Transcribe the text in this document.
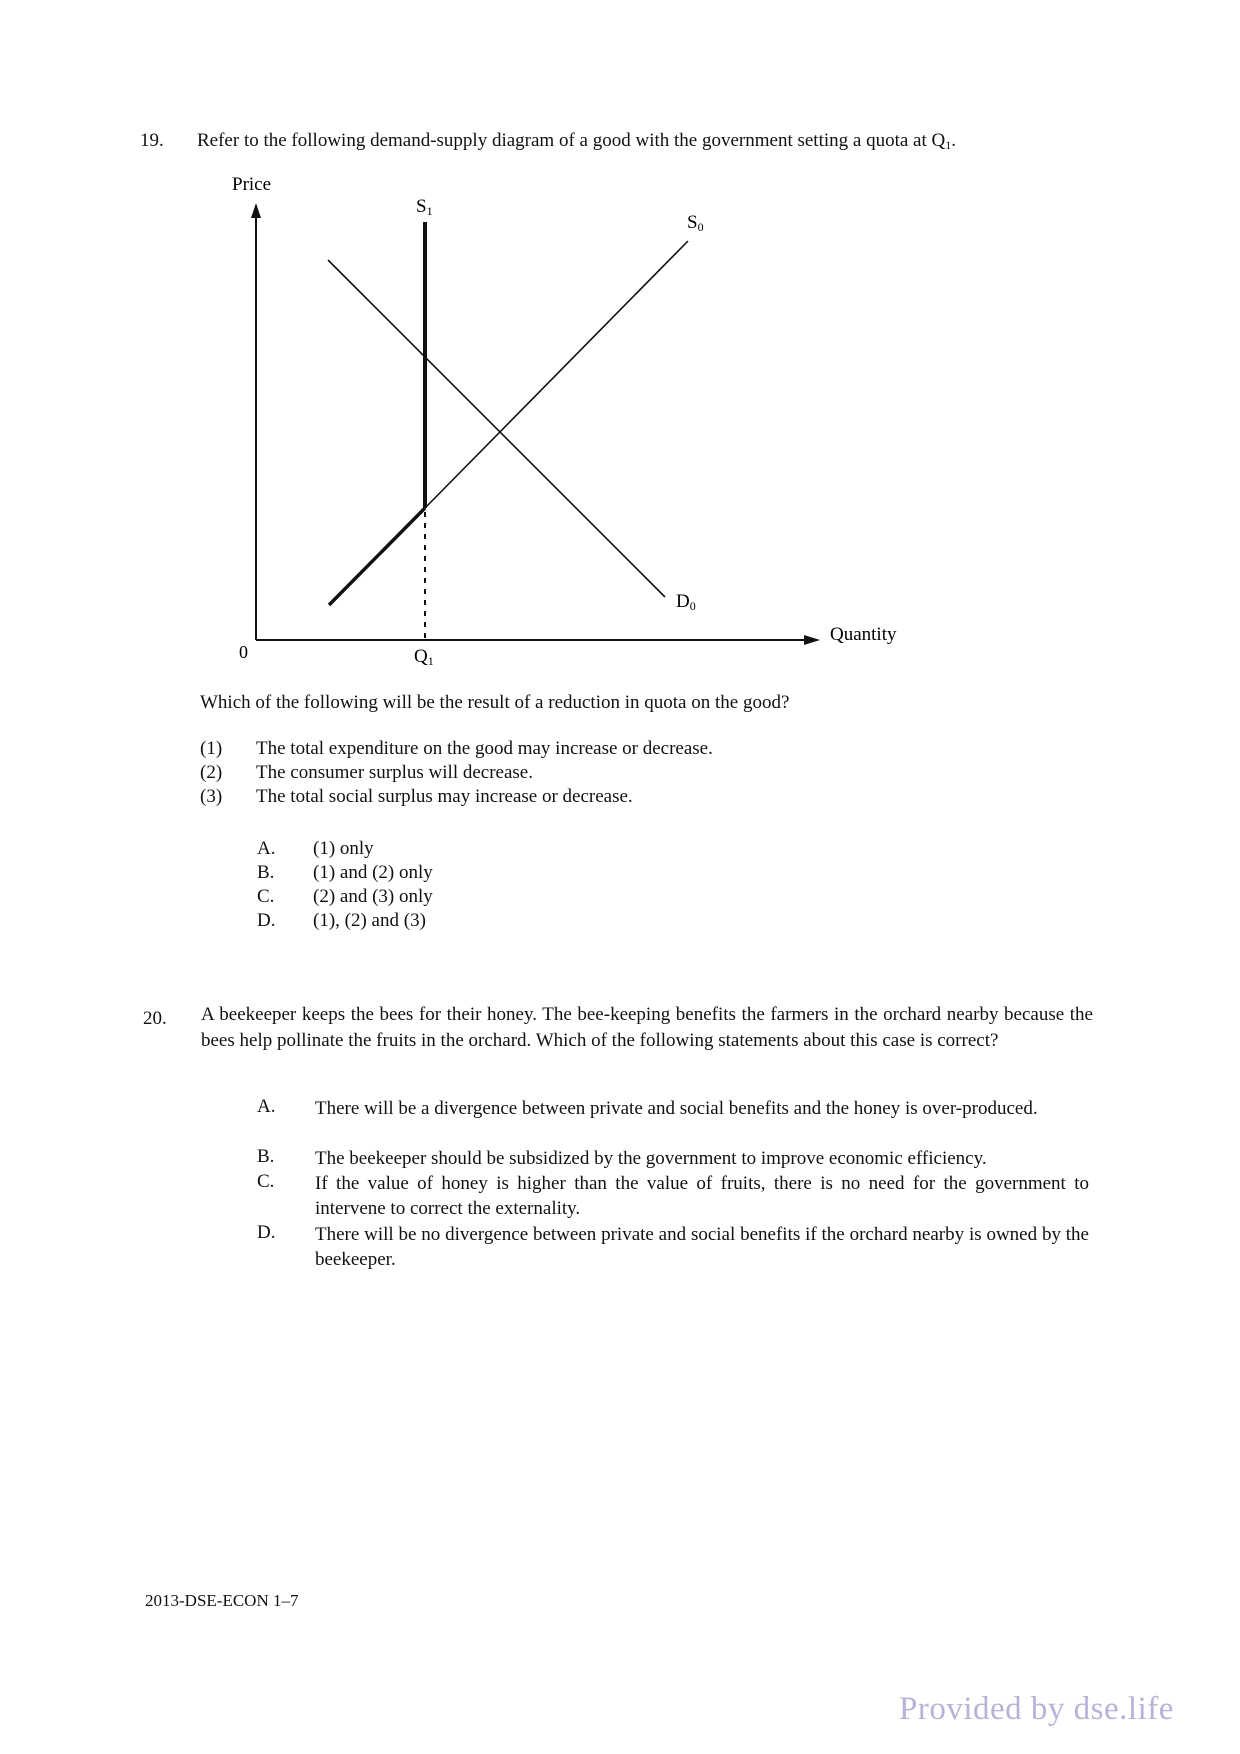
19. Refer to the following demand-supply diagram of a good with the government setting a quota at Q1.
Price
Quantity
0
S1
S0
D0
Q1
Which of the following will be the result of a reduction in quota on the good?
(1) The total expenditure on the good may increase or decrease.
(2) The consumer surplus will decrease.
(3) The total social surplus may increase or decrease.
A. (1) only
B. (1) and (2) only
C. (2) and (3) only
D. (1), (2) and (3)
20. A beekeeper keeps the bees for their honey. The bee-keeping benefits the farmers in the orchard nearby because the bees help pollinate the fruits in the orchard. Which of the following statements about this case is correct?
A. There will be a divergence between private and social benefits and the honey is over-produced.
B. The beekeeper should be subsidized by the government to improve economic efficiency.
C. If the value of honey is higher than the value of fruits, there is no need for the government to intervene to correct the externality.
D. There will be no divergence between private and social benefits if the orchard nearby is owned by the beekeeper.
2013-DSE-ECON 1–7
Provided by dse.life
